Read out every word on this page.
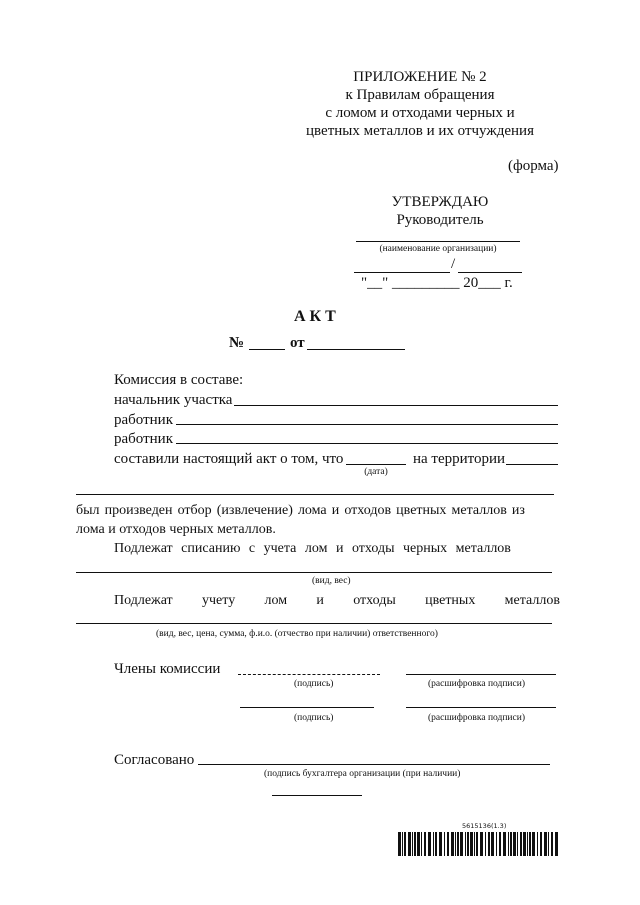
ПРИЛОЖЕНИЕ № 2
к Правилам обращения
с ломом и отходами черных и
цветных металлов и их отчуждения
(форма)
УТВЕРЖДАЮ
Руководитель
(наименование организации)
/
"__" _________ 20___ г.
А К Т
№	от
Комиссия в составе:
начальник участка
работник
работник
составили настоящий акт о том, что
(дата)
на территории
был произведен отбор (извлечение) лома и отходов цветных металлов из
лома и отходов черных металлов.
Подлежат списанию с учета лом и отходы черных металлов
(вид, вес)
Подлежат учету лом и отходы цветных металлов
(вид, вес, цена, сумма, ф.и.о. (отчество при наличии) ответственного)
Члены комиссии
(подпись)	(расшифровка подписи)
(подпись)	(расшифровка подписи)
Согласовано
(подпись бухгалтера организации (при наличии)
5615136(1.3)
